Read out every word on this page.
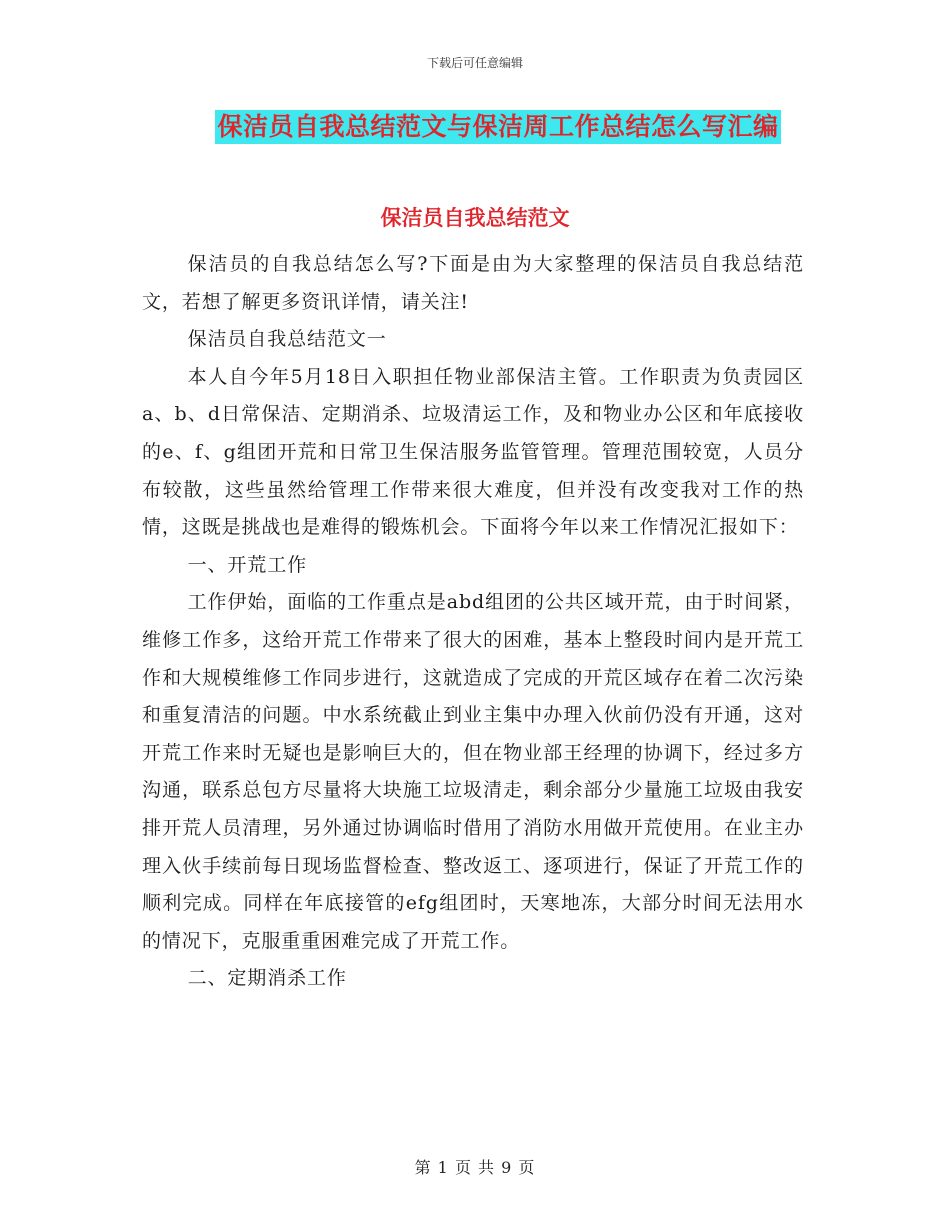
下载后可任意编辑
保洁员自我总结范文与保洁周工作总结怎么写汇编
保洁员自我总结范文

保洁员的自我总结怎么写?下面是由为大家整理的保洁员自我总结范文，若想了解更多资讯详情，请关注!

保洁员自我总结范文一

本人自今年5月18日入职担任物业部保洁主管。工作职责为负责园区a、b、d日常保洁、定期消杀、垃圾清运工作，及和物业办公区和年底接收的e、f、g组团开荒和日常卫生保洁服务监管管理。管理范围较宽，人员分布较散，这些虽然给管理工作带来很大难度，但并没有改变我对工作的热情，这既是挑战也是难得的锻炼机会。下面将今年以来工作情况汇报如下：

一、开荒工作

工作伊始，面临的工作重点是abd组团的公共区域开荒，由于时间紧，维修工作多，这给开荒工作带来了很大的困难，基本上整段时间内是开荒工作和大规模维修工作同步进行，这就造成了完成的开荒区域存在着二次污染和重复清洁的问题。中水系统截止到业主集中办理入伙前仍没有开通，这对开荒工作来时无疑也是影响巨大的，但在物业部王经理的协调下，经过多方沟通，联系总包方尽量将大块施工垃圾清走，剩余部分少量施工垃圾由我安排开荒人员清理，另外通过协调临时借用了消防水用做开荒使用。在业主办理入伙手续前每日现场监督检查、整改返工、逐项进行，保证了开荒工作的顺利完成。同样在年底接管的efg组团时，天寒地冻，大部分时间无法用水的情况下，克服重重困难完成了开荒工作。

二、定期消杀工作

第 1 页 共 9 页
